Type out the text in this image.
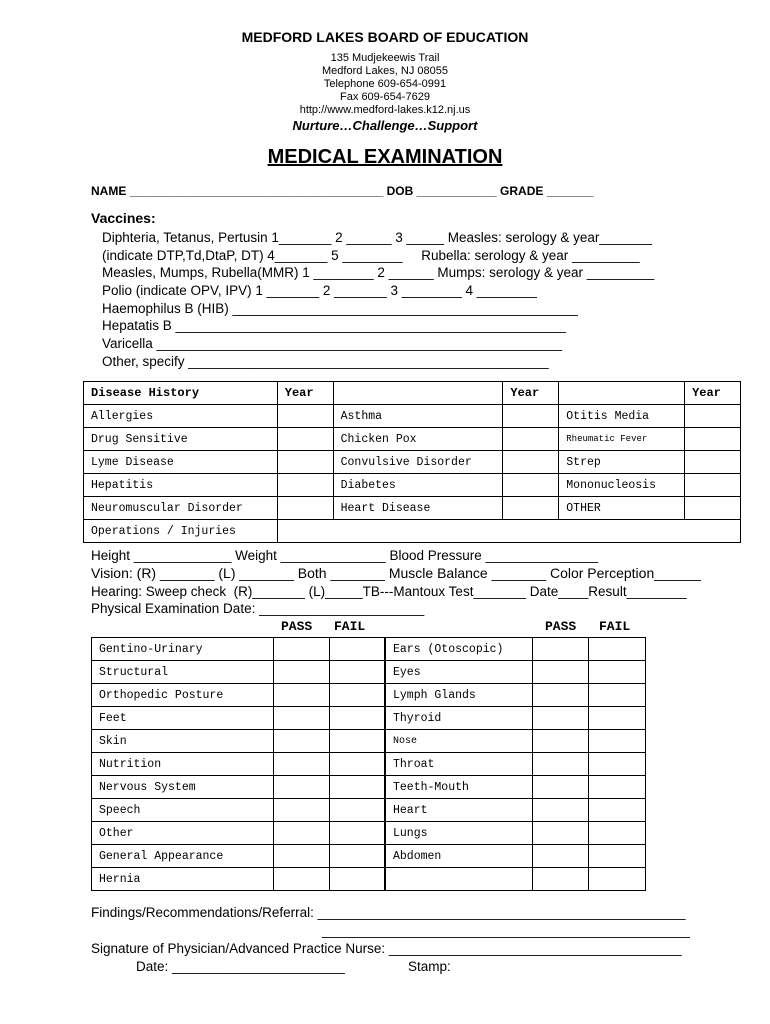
MEDFORD LAKES BOARD OF EDUCATION
135 Mudjekeewis Trail
Medford Lakes, NJ 08055
Telephone 609-654-0991
Fax 609-654-7629
http://www.medford-lakes.k12.nj.us
Nurture…Challenge…Support
MEDICAL EXAMINATION
NAME ______________________________________ DOB ____________ GRADE _______
Vaccines:
Diphteria, Tetanus, Pertusin 1_______ 2 ______ 3 _____ Measles: serology & year_______
(indicate DTP,Td,DtaP, DT) 4_______ 5 ________     Rubella: serology & year _________
Measles, Mumps, Rubella(MMR) 1 ________ 2 ______ Mumps: serology & year _________
Polio (indicate OPV, IPV) 1 _______ 2 _______ 3 ________ 4 ________
Haemophilus B (HIB) ______________________________________________
Hepatatis B ____________________________________________________
Varicella ______________________________________________________
Other, specify ________________________________________________
Disease History	Year		Year		Year
Allergies		Asthma		Otitis Media	
Drug Sensitive		Chicken Pox		Rheumatic Fever	
Lyme Disease		Convulsive Disorder		Strep	
Hepatitis		Diabetes		Mononucleosis	
Neuromuscular Disorder		Heart Disease		OTHER	
Operations / Injuries					
Height _____________ Weight ______________ Blood Pressure _______________
Vision: (R) _______ (L) _______ Both _______ Muscle Balance _______ Color Perception______
Hearing: Sweep check  (R)_______ (L)_____TB---Mantoux Test_______ Date____Result________
Physical Examination Date: ______________________
PASS FAIL	PASS FAIL
Gentino-Urinary				Ears (Otoscopic)		
Structural			Eyes		
Orthopedic Posture			Lymph Glands		
Feet			Thyroid		
Skin			Nose		
Nutrition			Throat		
Nervous System			Teeth-Mouth		
Speech			Heart		
Other			Lungs		
General Appearance			Abdomen		
Hernia					
Findings/Recommendations/Referral: _________________________________________________
_________________________________________________
Signature of Physician/Advanced Practice Nurse: _______________________________________
Date: _______________________	Stamp:
